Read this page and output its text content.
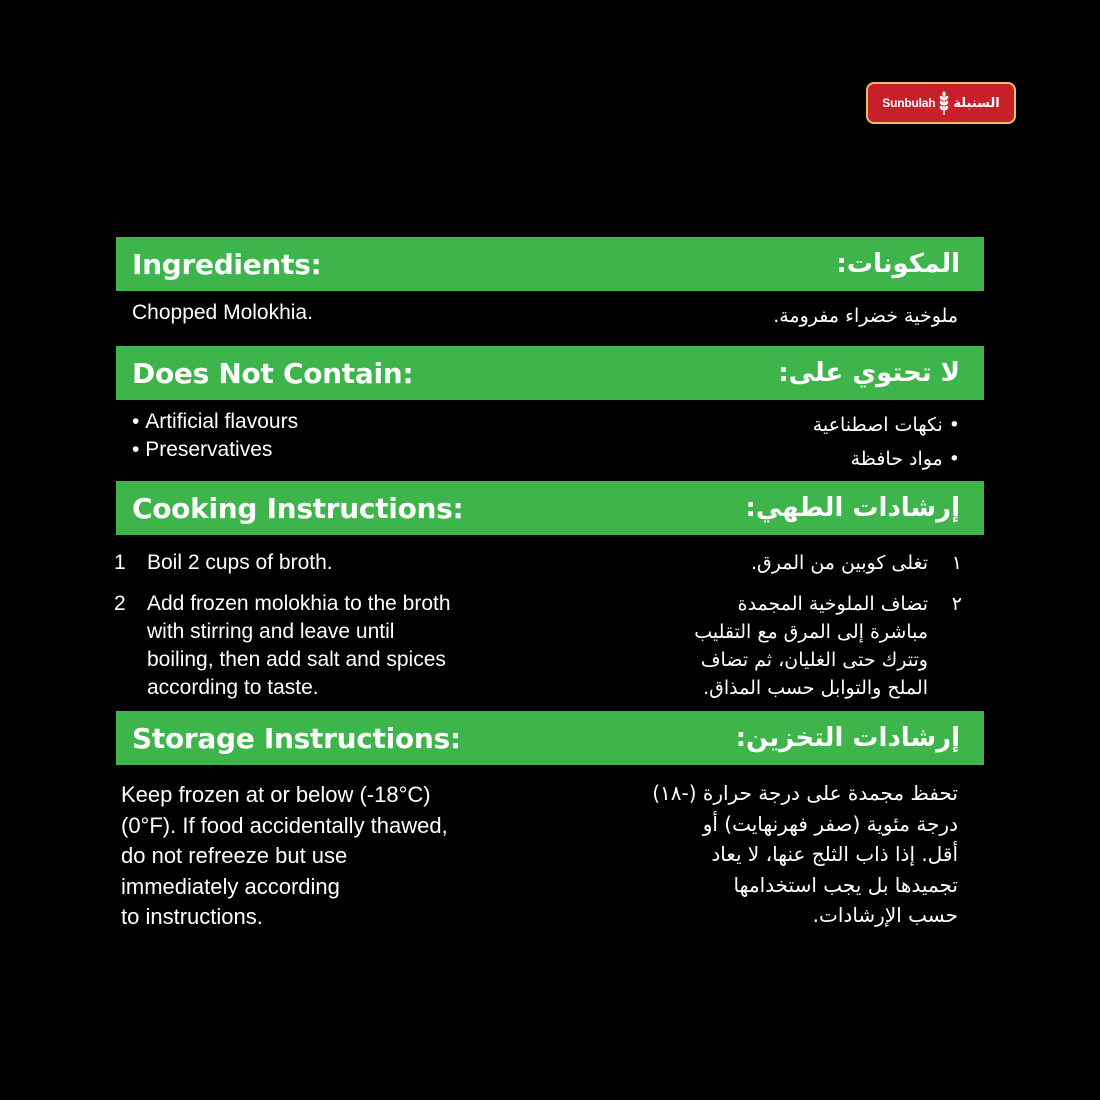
Sunbulah السنبلة
Ingredients:	المكونات:
Chopped Molokhia.	ملوخية خضراء مفرومة.
Does Not Contain:	لا تحتوي على:
• Artificial flavours
• Preservatives
• نكهات اصطناعية
• مواد حافظة
Cooking Instructions:	إرشادات الطهي:
1 Boil 2 cups of broth.
2 Add frozen molokhia to the broth
with stirring and leave until
boiling, then add salt and spices
according to taste.
١
تغلى كوبين من المرق.
٢
تضاف الملوخية المجمدة
مباشرة إلى المرق مع التقليب
وتترك حتى الغليان، ثم تضاف
الملح والتوابل حسب المذاق.
Storage Instructions:	إرشادات التخزين:
Keep frozen at or below (-18°C)
(0°F). If food accidentally thawed,
do not refreeze but use
immediately according
to instructions.
تحفظ مجمدة على درجة حرارة (-١٨)
درجة مئوية (صفر فهرنهايت) أو
أقل. إذا ذاب الثلج عنها، لا يعاد
تجميدها بل يجب استخدامها
حسب الإرشادات.
